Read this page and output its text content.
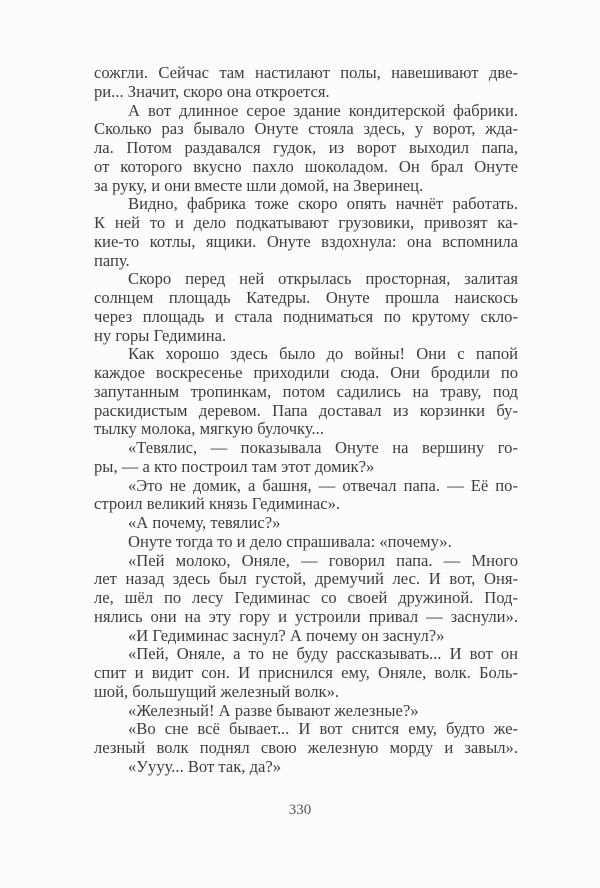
сожгли. Сейчас там настилают полы, навешивают две-
ри... Значит, скоро она откроется.
А вот длинное серое здание кондитерской фабрики.
Сколько раз бывало Онуте стояла здесь, у ворот, жда-
ла. Потом раздавался гудок, из ворот выходил папа,
от которого вкусно пахло шоколадом. Он брал Онуте
за руку, и они вместе шли домой, на Зверинец.
Видно, фабрика тоже скоро опять начнёт работать.
К ней то и дело подкатывают грузовики, привозят ка-
кие-то котлы, ящики. Онуте вздохнула: она вспомнила
папу.
Скоро перед ней открылась просторная, залитая
солнцем площадь Катедры. Онуте прошла наискось
через площадь и стала подниматься по крутому скло-
ну горы Гедимина.
Как хорошо здесь было до войны! Они с папой
каждое воскресенье приходили сюда. Они бродили по
запутанным тропинкам, потом садились на траву, под
раскидистым деревом. Папа доставал из корзинки бу-
тылку молока, мягкую булочку...
«Тевялис, — показывала Онуте на вершину го-
ры, — а кто построил там этот домик?»
«Это не домик, а башня, — отвечал папа. — Её по-
строил великий князь Гедиминас».
«А почему, тевялис?»
Онуте тогда то и дело спрашивала: «почему».
«Пей молоко, Оняле, — говорил папа. — Много
лет назад здесь был густой, дремучий лес. И вот, Оня-
ле, шёл по лесу Гедиминас со своей дружиной. Под-
нялись они на эту гору и устроили привал — заснули».
«И Гедиминас заснул? А почему он заснул?»
«Пей, Оняле, а то не буду рассказывать... И вот он
спит и видит сон. И приснился ему, Оняле, волк. Боль-
шой, большущий железный волк».
«Железный! А разве бывают железные?»
«Во сне всё бывает... И вот снится ему, будто же-
лезный волк поднял свою железную морду и завыл».
«Уууу... Вот так, да?»
330
